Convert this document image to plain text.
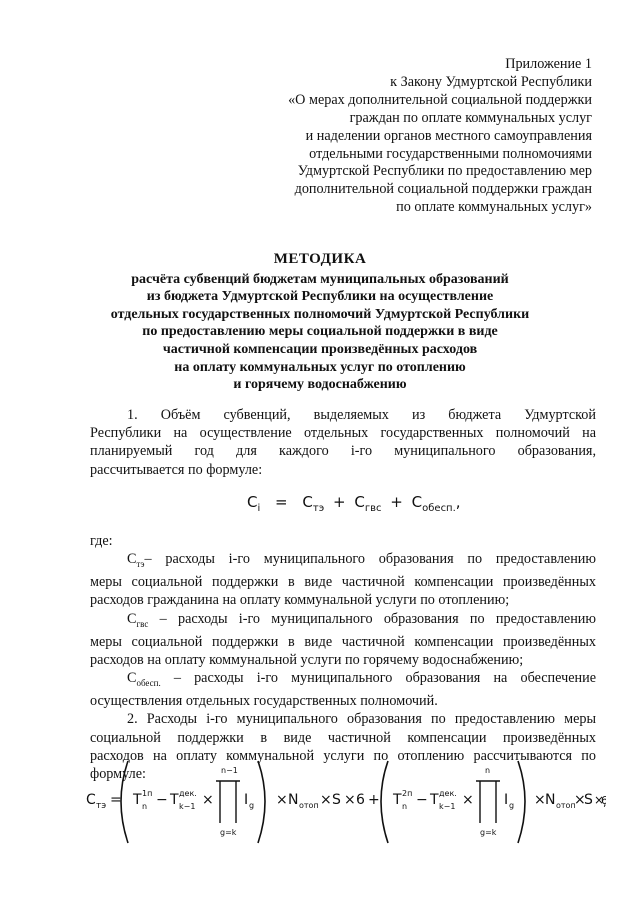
Приложение 1
к Закону Удмуртской Республики
«О мерах дополнительной социальной поддержки
граждан по оплате коммунальных услуг
и наделении органов местного самоуправления
отдельными государственными полномочиями
Удмуртской Республики по предоставлению мер
дополнительной социальной поддержки граждан
по оплате коммунальных услуг»
МЕТОДИКА
расчёта субвенций бюджетам муниципальных образований
из бюджета Удмуртской Республики на осуществление
отдельных государственных полномочий Удмуртской Республики
по предоставлению меры социальной поддержки в виде
частичной компенсации произведённых расходов
на оплату коммунальных услуг по отоплению
и горячему водоснабжению
1. Объём субвенций, выделяемых из бюджета Удмуртской
Республики на осуществление отдельных государственных полномочий на
планируемый год для каждого i-го муниципального образования,
рассчитывается по формуле:
$C_i = C_{тэ} + C_{гвс} + C_{обесп.}$,
где:
$С_{тэ}-$ расходы i-го муниципального образования по предоставлению
меры социальной поддержки в виде частичной компенсации произведённых
расходов гражданина на оплату коммунальной услуги по отоплению;
$С_{гвс}$ – расходы i-го муниципального образования по предоставлению
меры социальной поддержки в виде частичной компенсации произведённых
расходов на оплату коммунальной услуги по горячему водоснабжению;
$С_{обесп.}$ – расходы i-го муниципального образования на обеспечение
осуществления отдельных государственных полномочий.
2. Расходы i-го муниципального образования по предоставлению меры
социальной поддержки в виде частичной компенсации произведённых
расходов на оплату коммунальной услуги по отоплению рассчитываются по
формуле:
C тэ = T 1п
n − T дек.
k−1 ×
n−1
g=k
I g × N отоп × S × 6 + T 2п
n − T дек.
k−1 ×
n
g=k
I g × N отоп
×
S ×
6
